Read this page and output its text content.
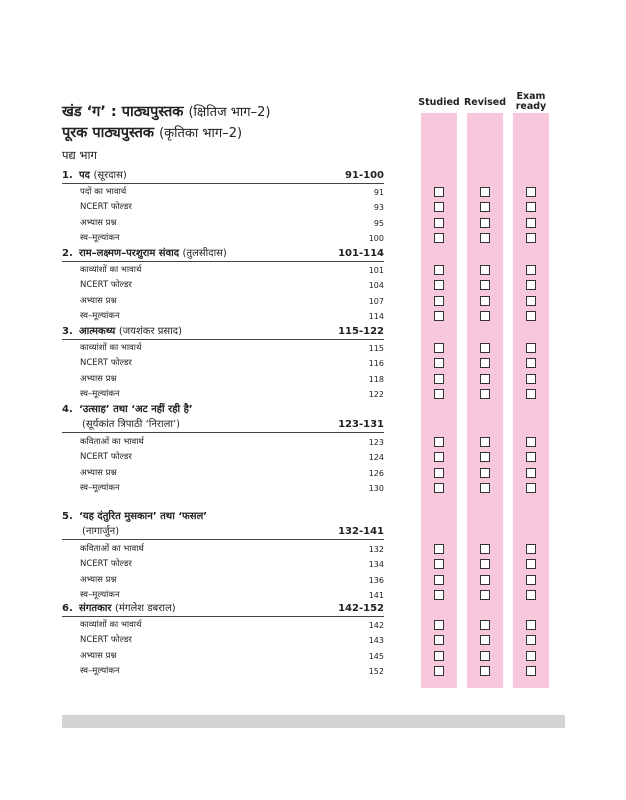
Studied Revised
Exam ready
खंड ‘ग’ : पाठ्यपुस्तक (क्षितिज भाग–2)
पूरक पाठ्यपुस्तक (कृतिका भाग–2)
पद्य भाग
1. पद (सूरदास)	91-100
पदों का भावार्थ	91
NCERT फोल्डर	93
अभ्यास प्रश्न	95
स्व–मूल्यांकन	100
2. राम–लक्ष्मण–परशुराम संवाद (तुलसीदास)	101-114
काव्यांशों का भावार्थ	101
NCERT फोल्डर	104
अभ्यास प्रश्न	107
स्व–मूल्यांकन	114
3. आत्मकथ्य (जयशंकर प्रसाद)	115-122
काव्यांशों का भावार्थ	115
NCERT फोल्डर	116
अभ्यास प्रश्न	118
स्व–मूल्यांकन	122
4. ‘उत्साह’ तथा ‘अट नहीं रही है’
(सूर्यकांत त्रिपाठी ‘निराला’)	123-131
कविताओं का भावार्थ	123
NCERT फोल्डर	124
अभ्यास प्रश्न	126
स्व–मूल्यांकन	130
5. ‘यह दंतुरित मुसकान’ तथा ‘फसल’
(नागार्जुन)	132-141
कविताओं का भावार्थ	132
NCERT फोल्डर	134
अभ्यास प्रश्न	136
स्व–मूल्यांकन	141
6. संगतकार (मंगलेश डबराल)	142-152
काव्यांशों का भावार्थ	142
NCERT फोल्डर	143
अभ्यास प्रश्न	145
स्व–मूल्यांकन	152
